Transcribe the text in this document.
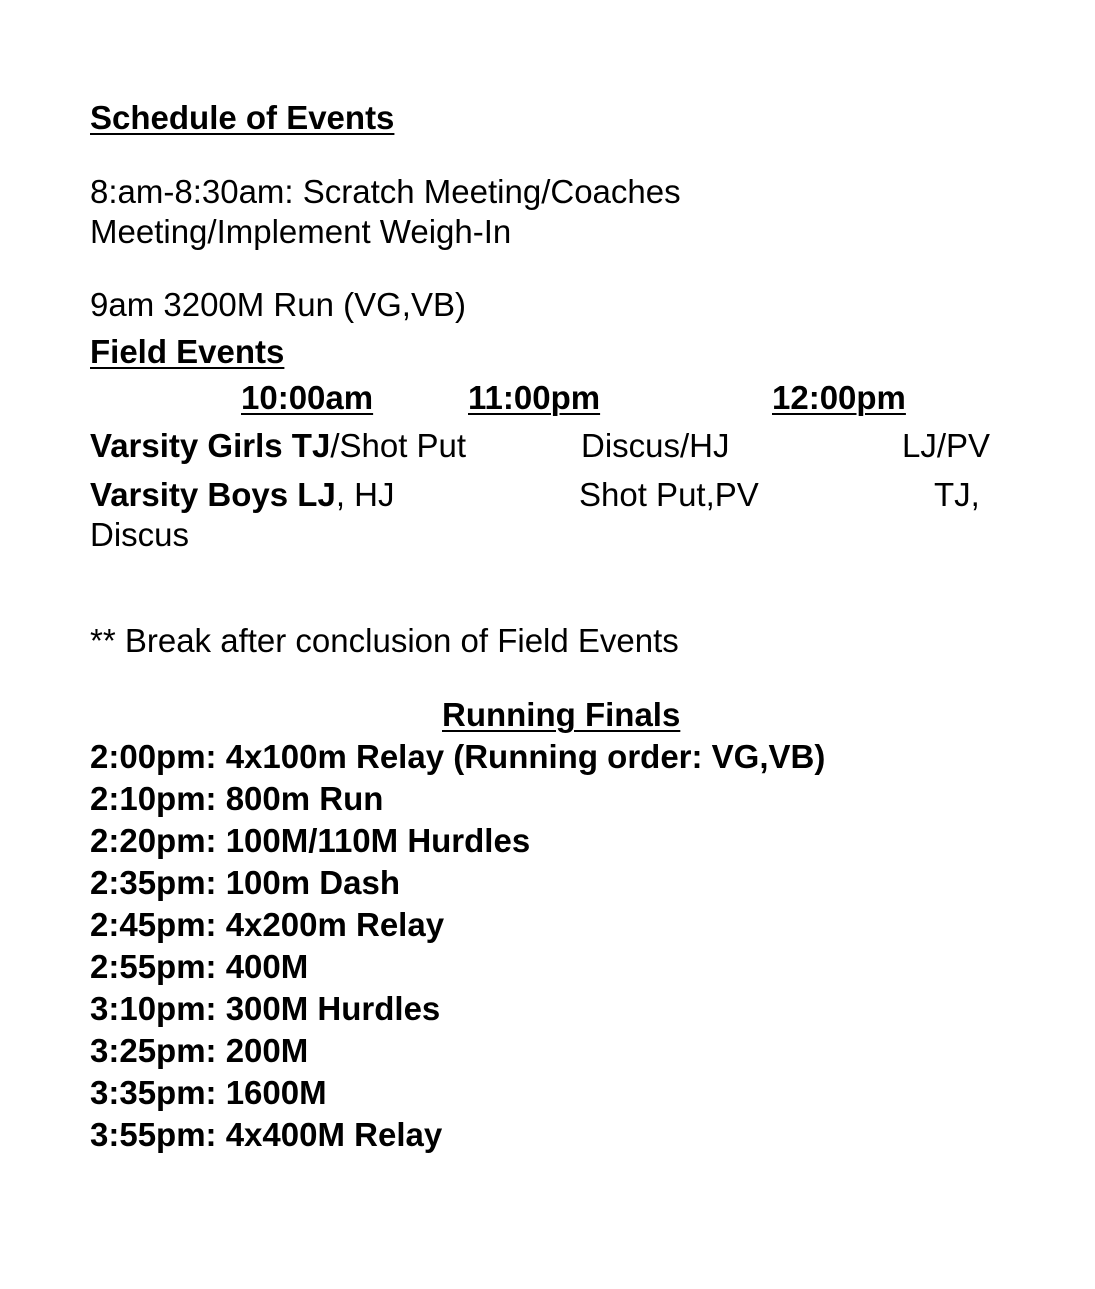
Schedule of Events
8:am-8:30am: Scratch Meeting/Coaches
Meeting/Implement Weigh-In
9am 3200M Run (VG,VB)
Field Events
10:00am	11:00pm	12:00pm
Varsity Girls TJ/Shot Put	Discus/HJ	LJ/PV
Varsity Boys LJ, HJ	Shot Put,PV	TJ,
Discus
** Break after conclusion of Field Events
Running Finals
2:00pm: 4x100m Relay (Running order: VG,VB)
2:10pm: 800m Run
2:20pm: 100M/110M Hurdles
2:35pm: 100m Dash
2:45pm: 4x200m Relay
2:55pm: 400M
3:10pm: 300M Hurdles
3:25pm: 200M
3:35pm: 1600M
3:55pm: 4x400M Relay
